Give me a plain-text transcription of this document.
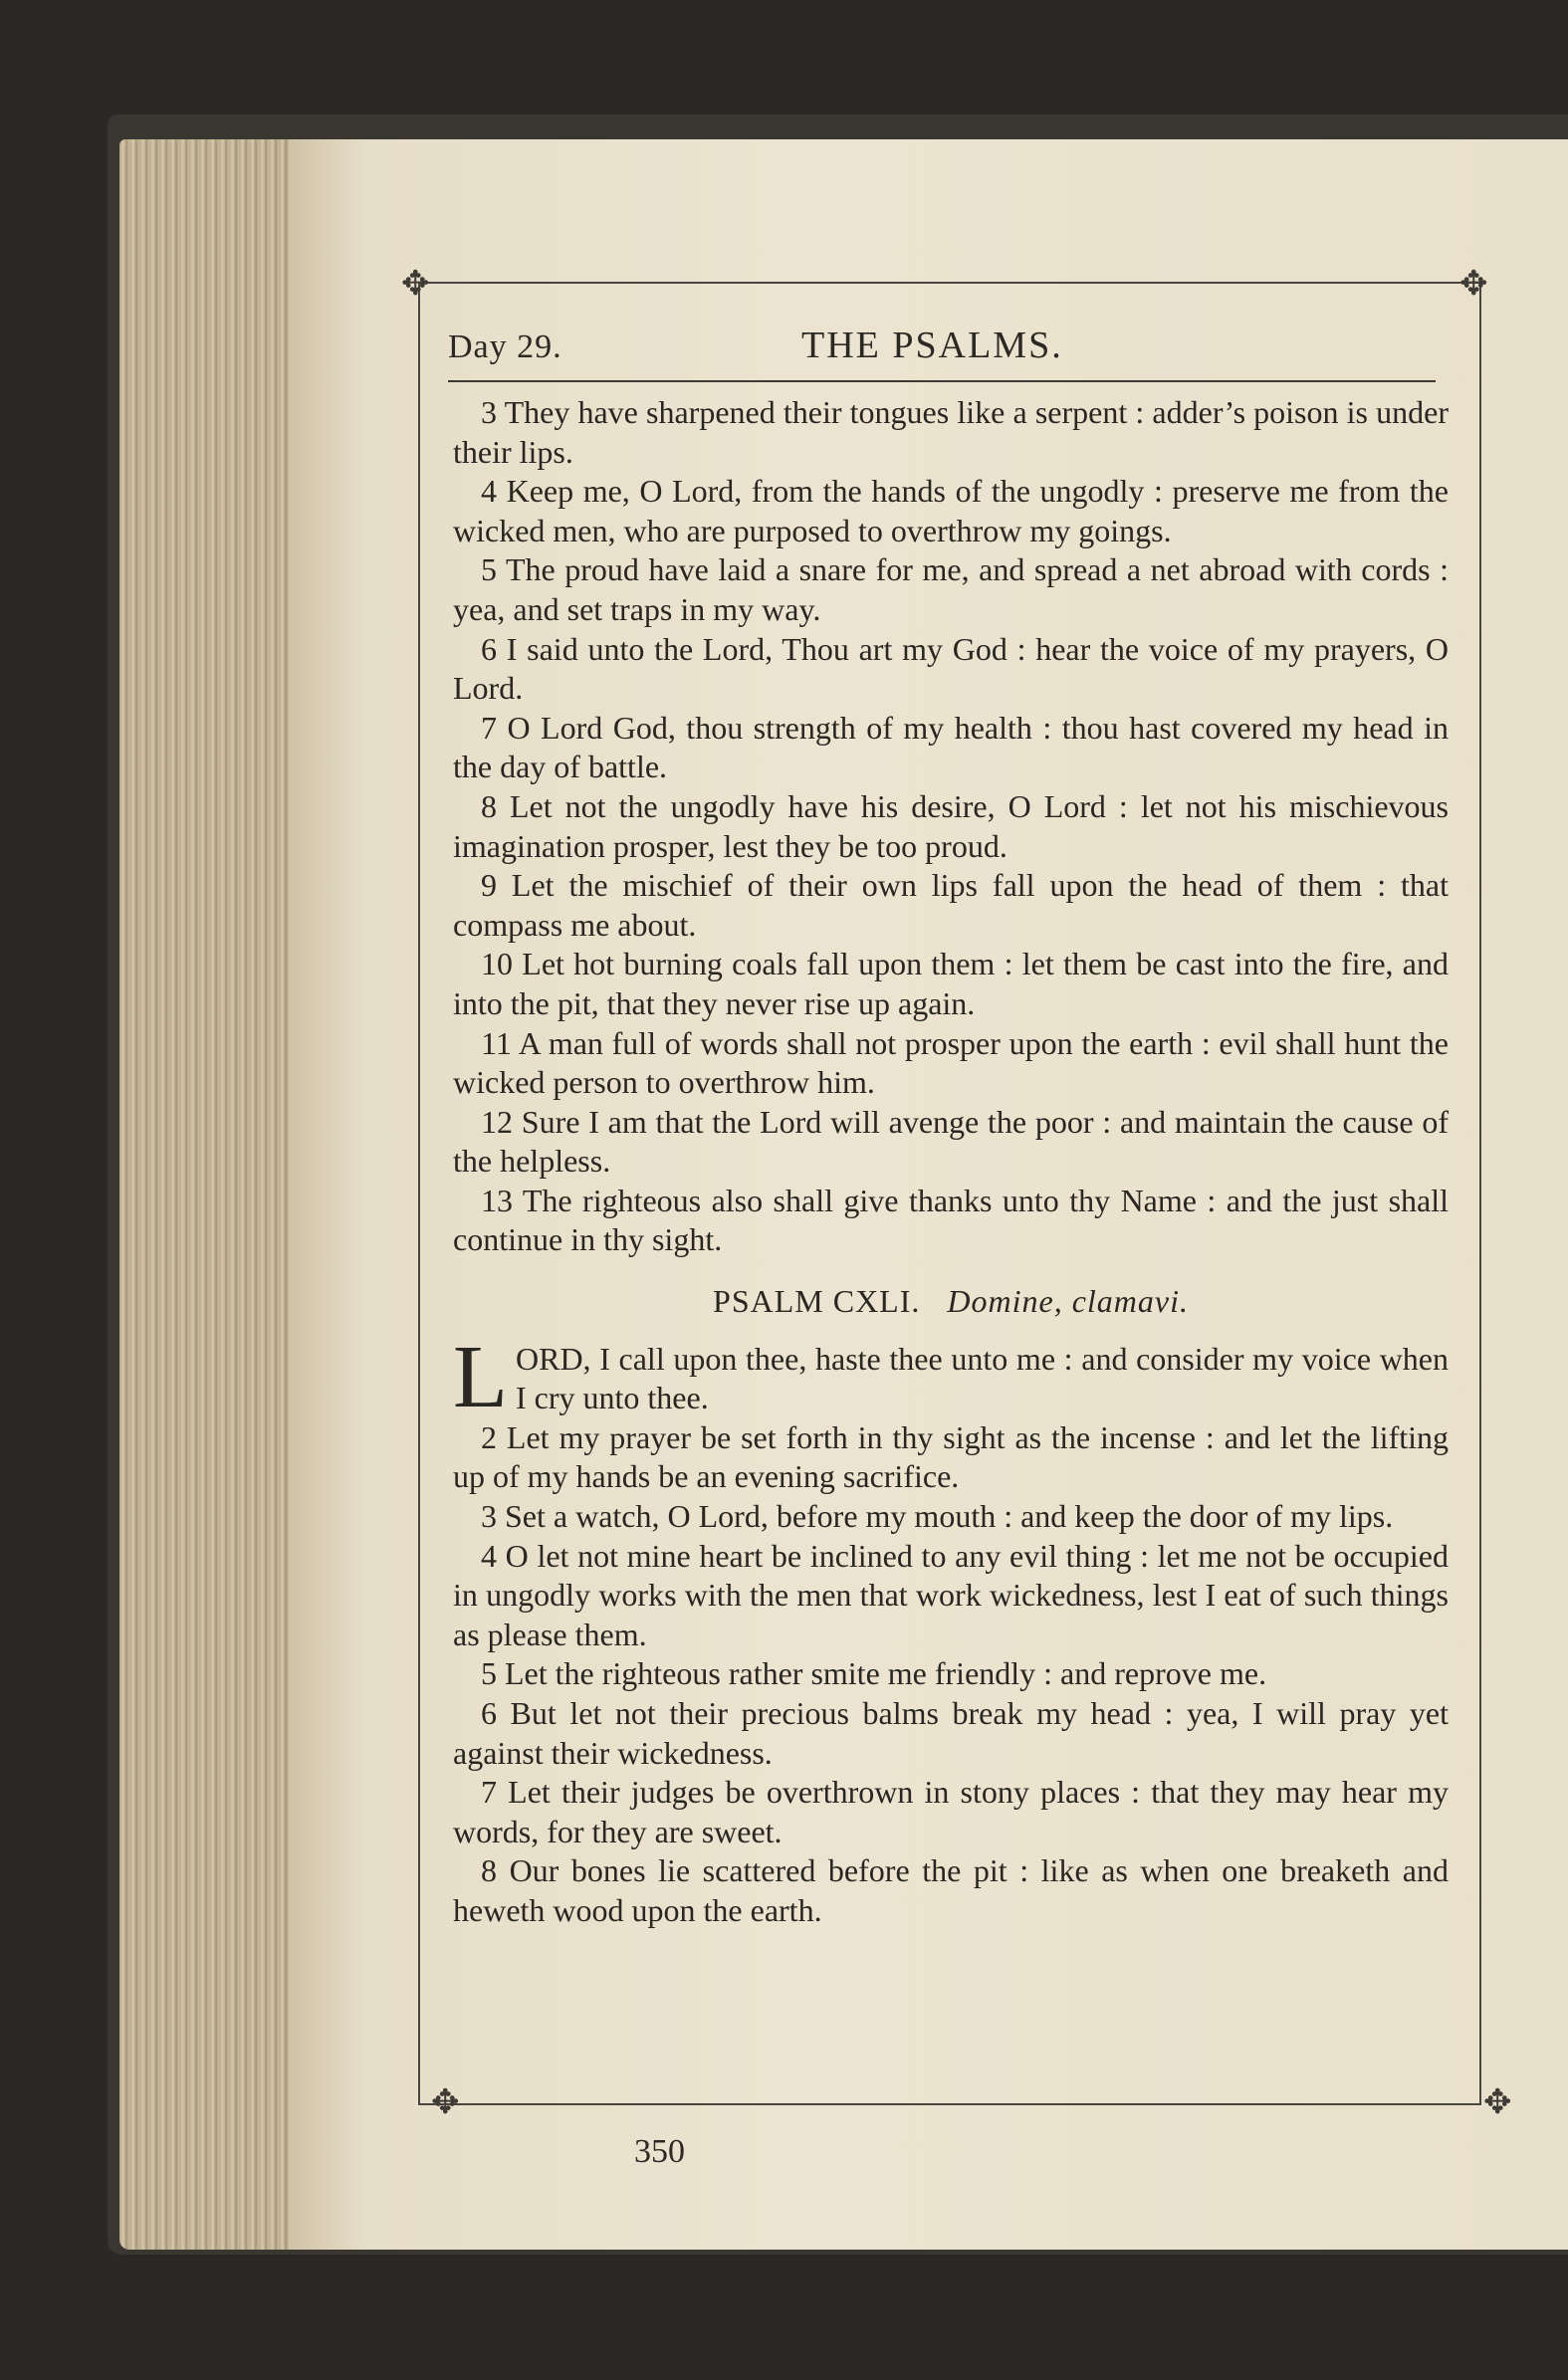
✥	✥
✥	✥
Day 29.	THE PSALMS.

3 They have sharpened their tongues like a serpent : adder’s poison is under their lips.

4 Keep me, O Lord, from the hands of the ungodly : preserve me from the wicked men, who are purposed to overthrow my goings.

5 The proud have laid a snare for me, and spread a net abroad with cords : yea, and set traps in my way.

6 I said unto the Lord, Thou art my God : hear the voice of my prayers, O Lord.

7 O Lord God, thou strength of my health : thou hast covered my head in the day of battle.

8 Let not the ungodly have his desire, O Lord : let not his mischievous imagination prosper, lest they be too proud.

9 Let the mischief of their own lips fall upon the head of them : that compass me about.

10 Let hot burning coals fall upon them : let them be cast into the fire, and into the pit, that they never rise up again.

11 A man full of words shall not prosper upon the earth : evil shall hunt the wicked person to overthrow him.

12 Sure I am that the Lord will avenge the poor : and maintain the cause of the helpless.

13 The righteous also shall give thanks unto thy Name : and the just shall continue in thy sight.

PSALM CXLI. Domine, clamavi.

LORD, I call upon thee, haste thee unto me : and consider my voice when I cry unto thee.

2 Let my prayer be set forth in thy sight as the incense : and let the lifting up of my hands be an evening sacrifice.

3 Set a watch, O Lord, before my mouth : and keep the door of my lips.

4 O let not mine heart be inclined to any evil thing : let me not be occupied in ungodly works with the men that work wickedness, lest I eat of such things as please them.

5 Let the righteous rather smite me friendly : and reprove me.

6 But let not their precious balms break my head : yea, I will pray yet against their wickedness.

7 Let their judges be overthrown in stony places : that they may hear my words, for they are sweet.

8 Our bones lie scattered before the pit : like as when one breaketh and heweth wood upon the earth.

350
